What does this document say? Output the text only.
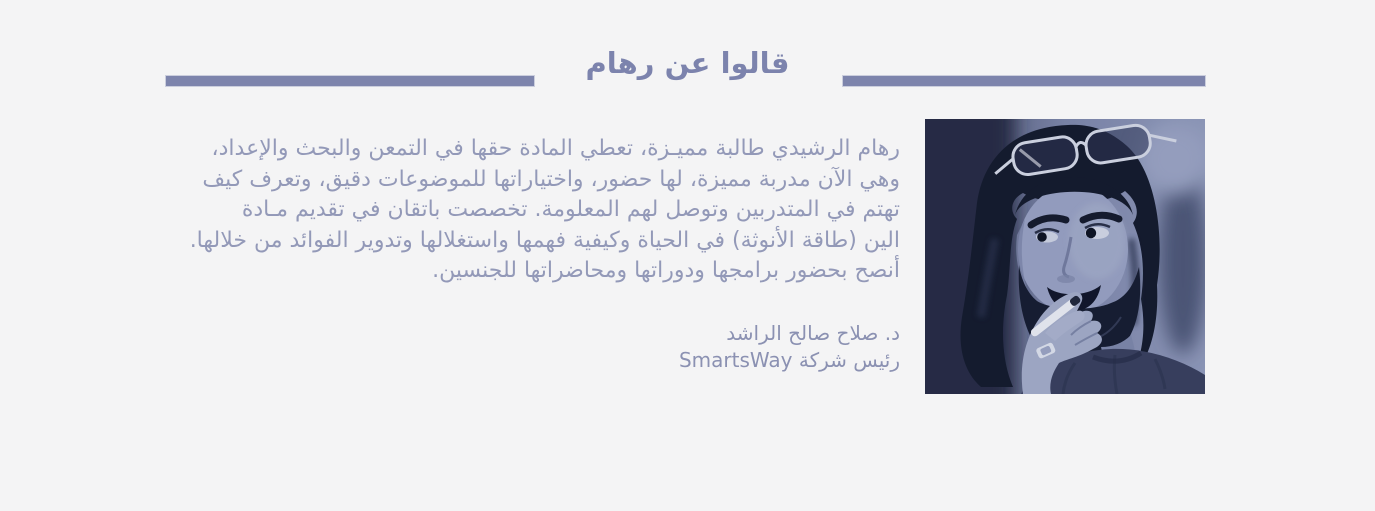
قالوا عن رهام
رهام الرشيدي طالبة مميـزة، تعطي المادة حقها في التمعن والبحث والإعداد،
وهي الآن مدربة مميزة، لها حضور، واختياراتها للموضوعات دقيق، وتعرف كيف
تهتم في المتدربين وتوصل لهم المعلومة. تخصصت باتقان في تقديم مـادة
الين (طاقة الأنوثة) في الحياة وكيفية فهمها واستغلالها وتدوير الفوائد من خلالها.
أنصح بحضور برامجها ودوراتها ومحاضراتها للجنسين.
د. صلاح صالح الراشد
رئيس شركة SmartsWay
